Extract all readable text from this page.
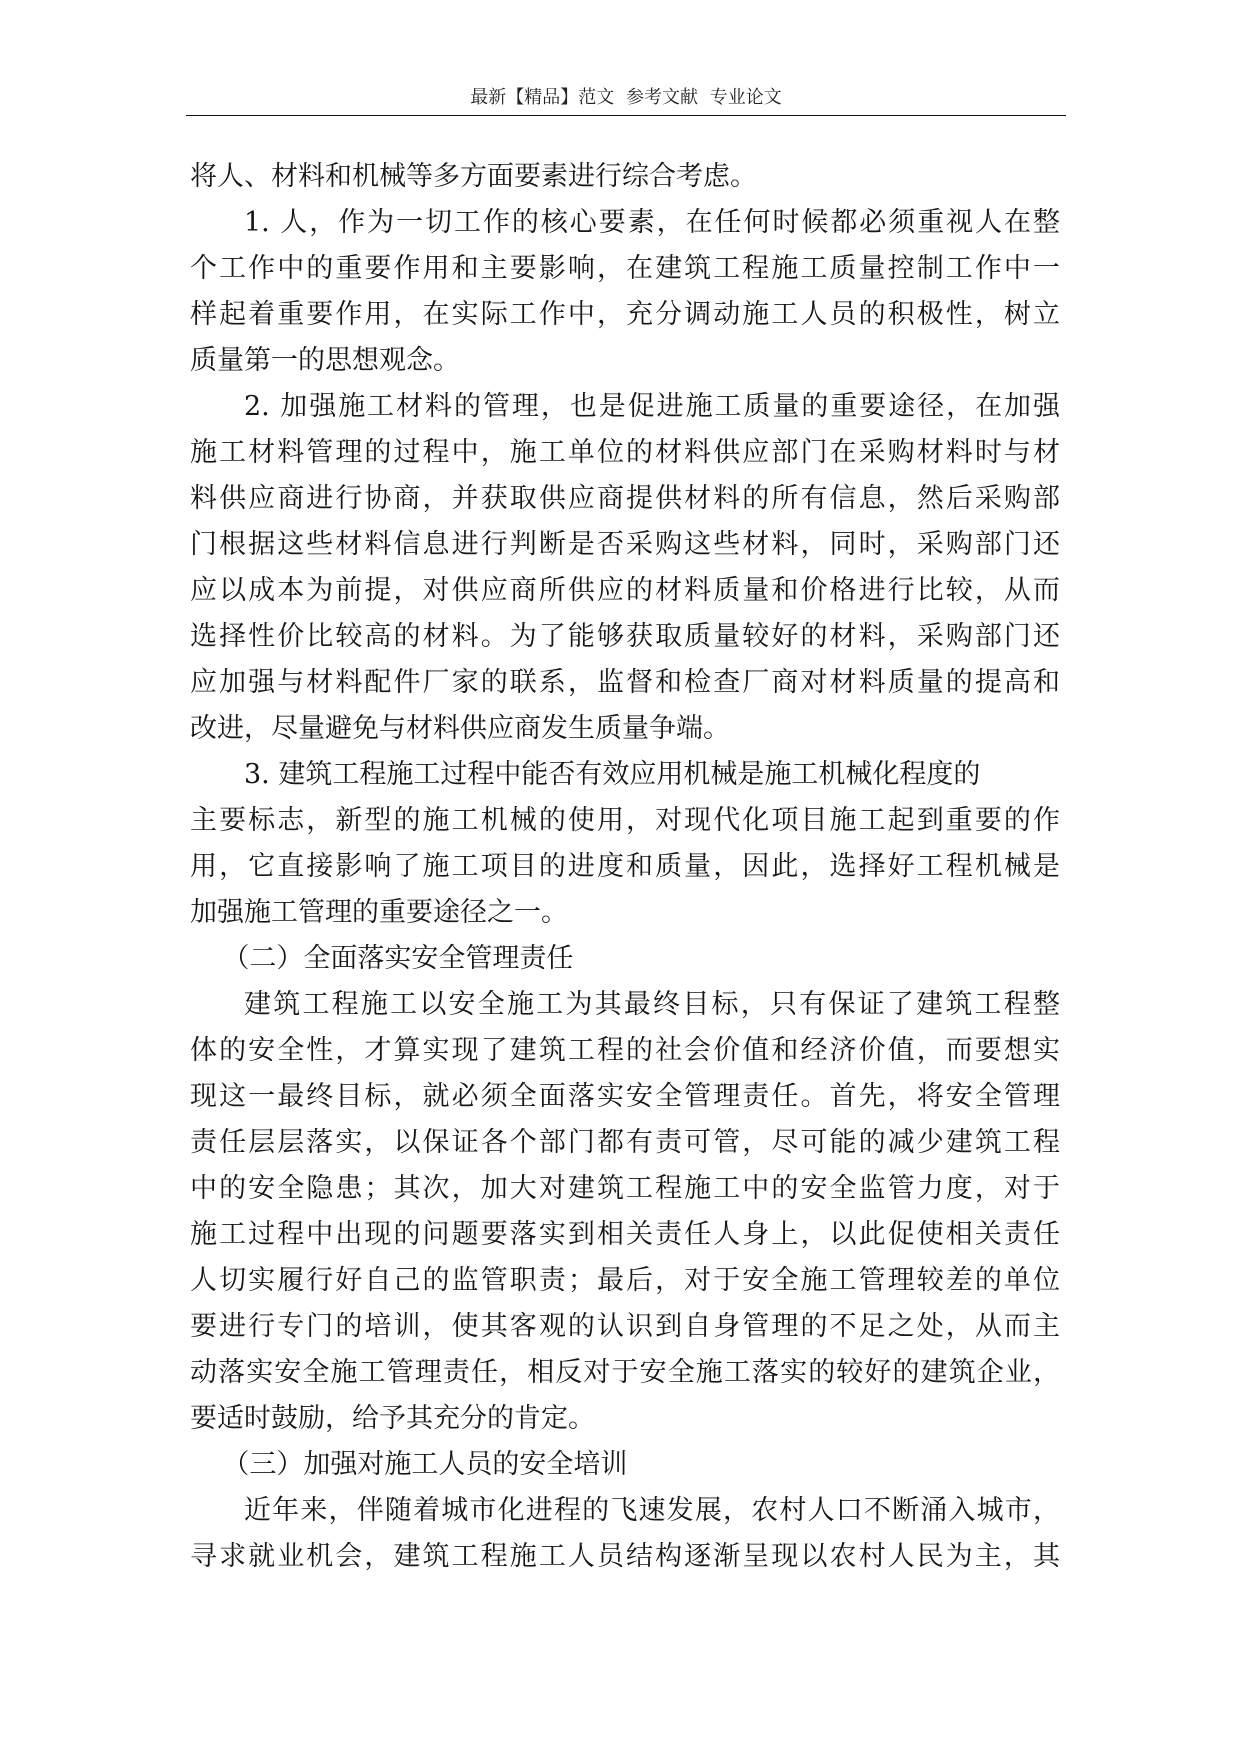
最新【精品】范文 参考文献 专业论文
将人、材料和机械等多方面要素进行综合考虑。
1. 人，作为一切工作的核心要素，在任何时候都必须重视人在整
个工作中的重要作用和主要影响，在建筑工程施工质量控制工作中一
样起着重要作用，在实际工作中，充分调动施工人员的积极性，树立
质量第一的思想观念。
2. 加强施工材料的管理，也是促进施工质量的重要途径，在加强
施工材料管理的过程中，施工单位的材料供应部门在采购材料时与材
料供应商进行协商，并获取供应商提供材料的所有信息，然后采购部
门根据这些材料信息进行判断是否采购这些材料，同时，采购部门还
应以成本为前提，对供应商所供应的材料质量和价格进行比较，从而
选择性价比较高的材料。为了能够获取质量较好的材料，采购部门还
应加强与材料配件厂家的联系，监督和检查厂商对材料质量的提高和
改进，尽量避免与材料供应商发生质量争端。
3. 建筑工程施工过程中能否有效应用机械是施工机械化程度的
主要标志，新型的施工机械的使用，对现代化项目施工起到重要的作
用，它直接影响了施工项目的进度和质量，因此，选择好工程机械是
加强施工管理的重要途径之一。
（二）全面落实安全管理责任
建筑工程施工以安全施工为其最终目标，只有保证了建筑工程整
体的安全性，才算实现了建筑工程的社会价值和经济价值，而要想实
现这一最终目标，就必须全面落实安全管理责任。首先，将安全管理
责任层层落实，以保证各个部门都有责可管，尽可能的减少建筑工程
中的安全隐患；其次，加大对建筑工程施工中的安全监管力度，对于
施工过程中出现的问题要落实到相关责任人身上，以此促使相关责任
人切实履行好自己的监管职责；最后，对于安全施工管理较差的单位
要进行专门的培训，使其客观的认识到自身管理的不足之处，从而主
动落实安全施工管理责任，相反对于安全施工落实的较好的建筑企业，
要适时鼓励，给予其充分的肯定。
（三）加强对施工人员的安全培训
近年来，伴随着城市化进程的飞速发展，农村人口不断涌入城市，
寻求就业机会，建筑工程施工人员结构逐渐呈现以农村人民为主，其
